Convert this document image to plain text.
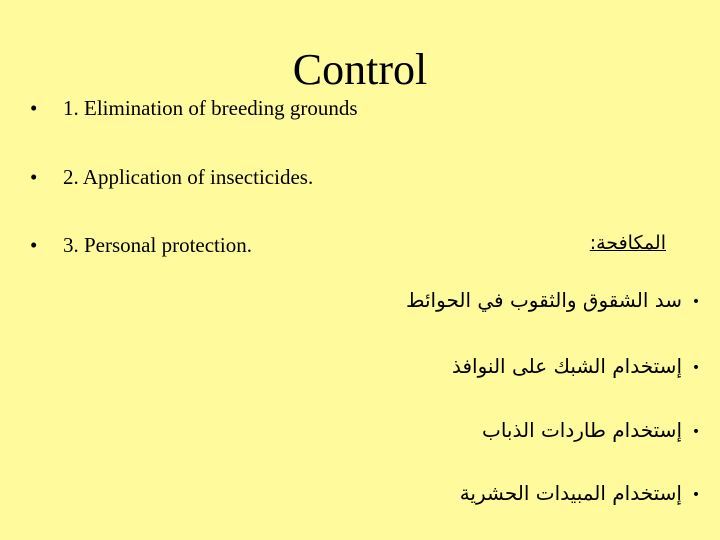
Control
• 1. Elimination of breeding grounds
• 2. Application of insecticides.
• 3. Personal protection.	المكافحة:
•سد الشقوق والثقوب في الحوائط
•إستخدام الشبك على النوافذ
•إستخدام طاردات الذباب
•إستخدام المبيدات الحشرية
